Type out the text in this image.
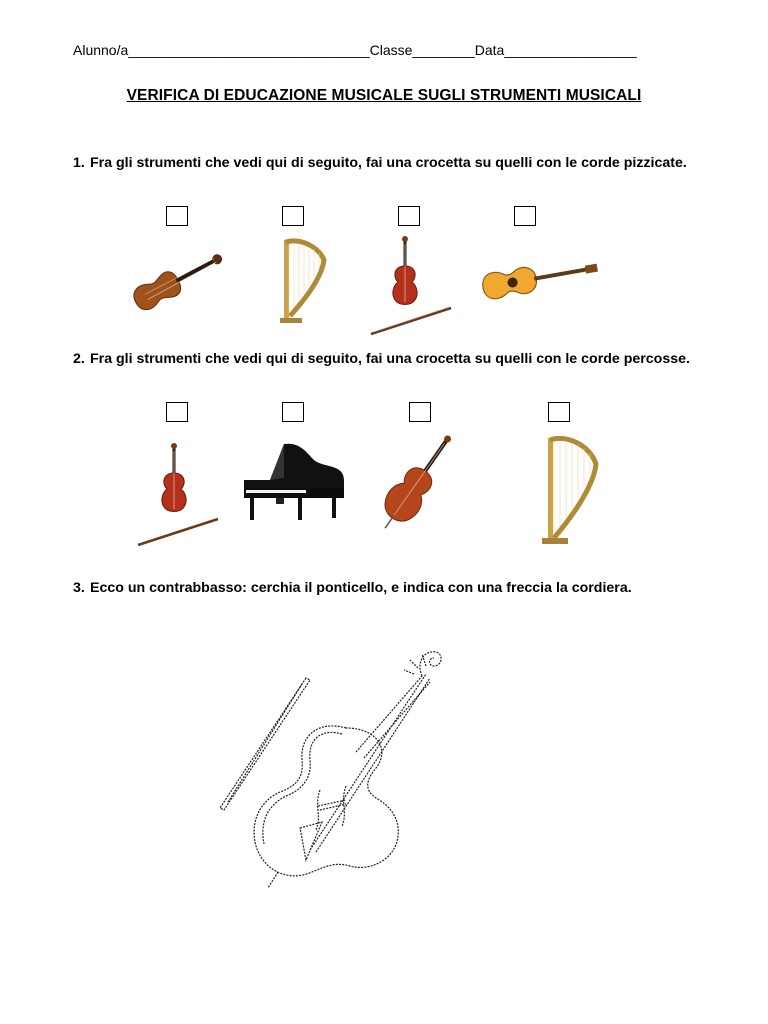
Alunno/a_______________________________Classe________Data_________________
VERIFICA DI EDUCAZIONE MUSICALE SUGLI STRUMENTI MUSICALI
1. Fra gli strumenti che vedi qui di seguito, fai una crocetta su quelli con le corde pizzicate.
2. Fra gli strumenti che vedi qui di seguito, fai una crocetta su quelli con le corde percosse.
3. Ecco un contrabbasso: cerchia il ponticello, e indica con una freccia la cordiera.
